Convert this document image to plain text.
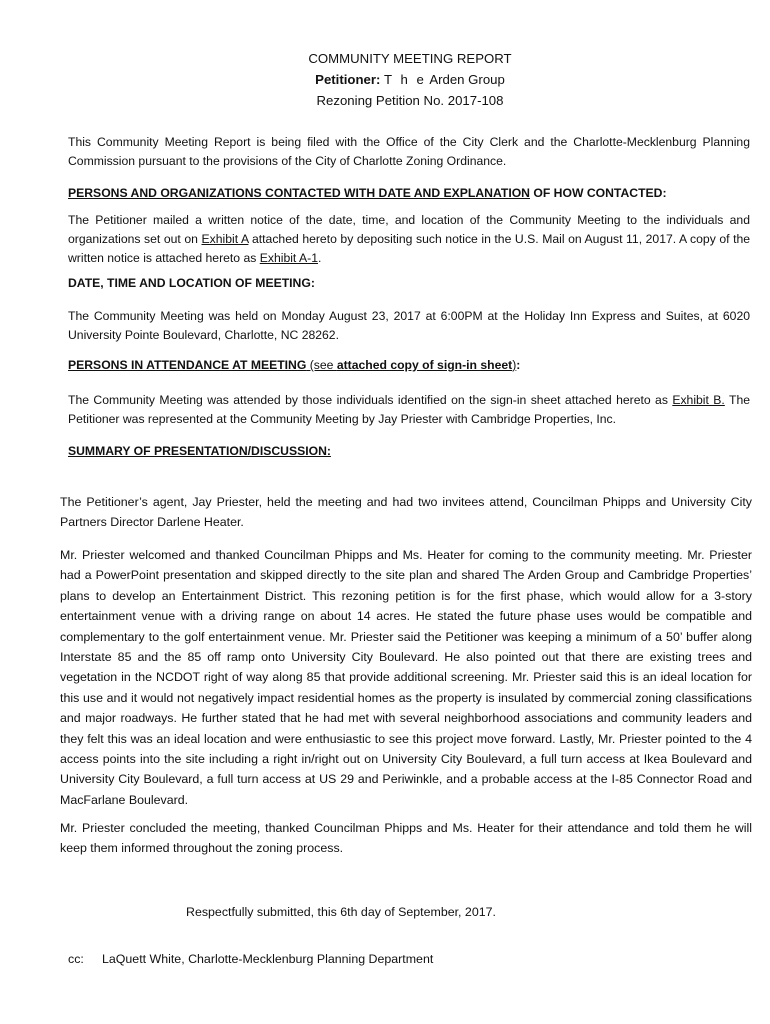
COMMUNITY MEETING REPORT
Petitioner: T h e Arden Group
Rezoning Petition No. 2017-108
This Community Meeting Report is being filed with the Office of the City Clerk and the Charlotte-Mecklenburg Planning Commission pursuant to the provisions of the City of Charlotte Zoning Ordinance.
PERSONS AND ORGANIZATIONS CONTACTED WITH DATE AND EXPLANATION OF HOW CONTACTED:
The Petitioner mailed a written notice of the date, time, and location of the Community Meeting to the individuals and organizations set out on Exhibit A attached hereto by depositing such notice in the U.S. Mail on August 11, 2017. A copy of the written notice is attached hereto as Exhibit A-1.
DATE, TIME AND LOCATION OF MEETING:
The Community Meeting was held on Monday August 23, 2017 at 6:00PM at the Holiday Inn Express and Suites, at 6020 University Pointe Boulevard, Charlotte, NC 28262.
PERSONS IN ATTENDANCE AT MEETING (see attached copy of sign-in sheet):
The Community Meeting was attended by those individuals identified on the sign-in sheet attached hereto as Exhibit B. The Petitioner was represented at the Community Meeting by Jay Priester with Cambridge Properties, Inc.
SUMMARY OF PRESENTATION/DISCUSSION:
The Petitioner’s agent, Jay Priester, held the meeting and had two invitees attend, Councilman Phipps and University City Partners Director Darlene Heater.
Mr. Priester welcomed and thanked Councilman Phipps and Ms. Heater for coming to the community meeting. Mr. Priester had a PowerPoint presentation and skipped directly to the site plan and shared The Arden Group and Cambridge Properties’ plans to develop an Entertainment District. This rezoning petition is for the first phase, which would allow for a 3-story entertainment venue with a driving range on about 14 acres. He stated the future phase uses would be compatible and complementary to the golf entertainment venue. Mr. Priester said the Petitioner was keeping a minimum of a 50’ buffer along Interstate 85 and the 85 off ramp onto University City Boulevard. He also pointed out that there are existing trees and vegetation in the NCDOT right of way along 85 that provide additional screening. Mr. Priester said this is an ideal location for this use and it would not negatively impact residential homes as the property is insulated by commercial zoning classifications and major roadways. He further stated that he had met with several neighborhood associations and community leaders and they felt this was an ideal location and were enthusiastic to see this project move forward. Lastly, Mr. Priester pointed to the 4 access points into the site including a right in/right out on University City Boulevard, a full turn access at Ikea Boulevard and University City Boulevard, a full turn access at US 29 and Periwinkle, and a probable access at the I-85 Connector Road and MacFarlane Boulevard.
Mr. Priester concluded the meeting, thanked Councilman Phipps and Ms. Heater for their attendance and told them he will keep them informed throughout the zoning process.
Respectfully submitted, this 6th day of September, 2017.
cc: LaQuett White, Charlotte-Mecklenburg Planning Department
